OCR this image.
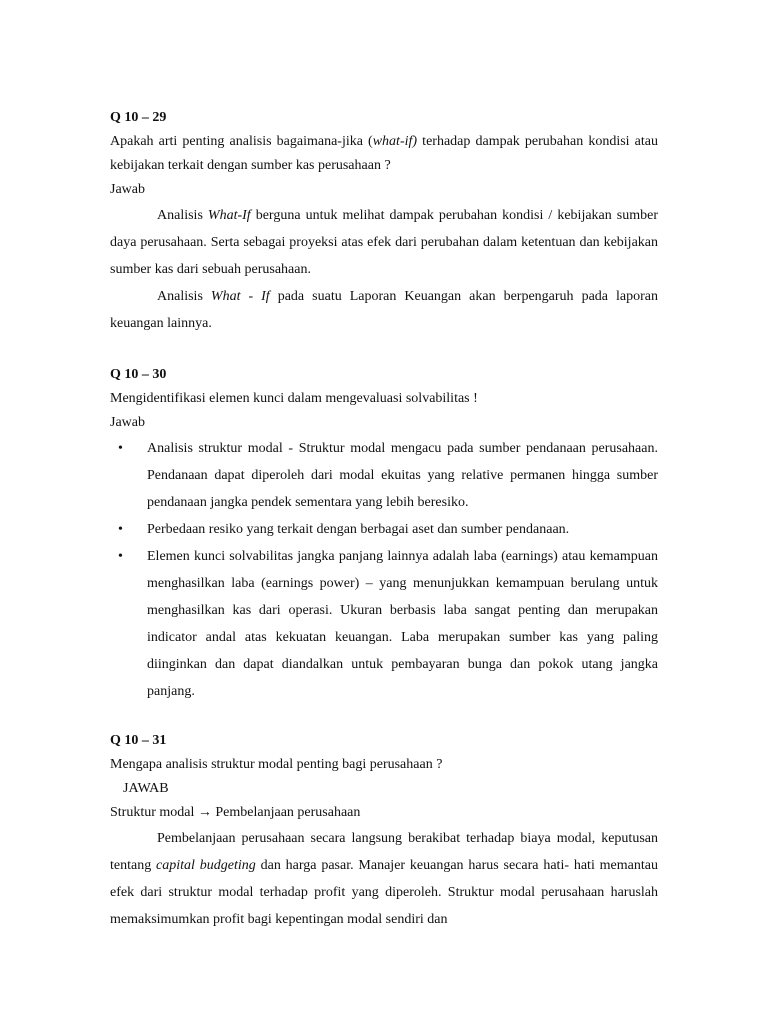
Q 10 – 29
Apakah arti penting analisis bagaimana-jika (what-if) terhadap dampak perubahan kondisi atau kebijakan terkait dengan sumber kas perusahaan ?
Jawab
Analisis What-If berguna untuk melihat dampak perubahan kondisi / kebijakan sumber daya perusahaan. Serta sebagai proyeksi atas efek dari perubahan dalam ketentuan dan kebijakan sumber kas dari sebuah perusahaan.
Analisis What - If pada suatu Laporan Keuangan akan berpengaruh pada laporan keuangan lainnya.
Q 10 – 30
Mengidentifikasi elemen kunci dalam mengevaluasi solvabilitas !
Jawab
• Analisis struktur modal - Struktur modal mengacu pada sumber pendanaan perusahaan. Pendanaan dapat diperoleh dari modal ekuitas yang relative permanen hingga sumber pendanaan jangka pendek sementara yang lebih beresiko.
• Perbedaan resiko yang terkait dengan berbagai aset dan sumber pendanaan.
• Elemen kunci solvabilitas jangka panjang lainnya adalah laba (earnings) atau kemampuan menghasilkan laba (earnings power) – yang menunjukkan kemampuan berulang untuk menghasilkan kas dari operasi. Ukuran berbasis laba sangat penting dan merupakan indicator andal atas kekuatan keuangan. Laba merupakan sumber kas yang paling diinginkan dan dapat diandalkan untuk pembayaran bunga dan pokok utang jangka panjang.
Q 10 – 31
Mengapa analisis struktur modal penting bagi perusahaan ?
JAWAB
Struktur modal → Pembelanjaan perusahaan
Pembelanjaan perusahaan secara langsung berakibat terhadap biaya modal, keputusan tentang capital budgeting dan harga pasar. Manajer keuangan harus secara hati- hati memantau efek dari struktur modal terhadap profit yang diperoleh. Struktur modal perusahaan haruslah memaksimumkan profit bagi kepentingan modal sendiri dan
